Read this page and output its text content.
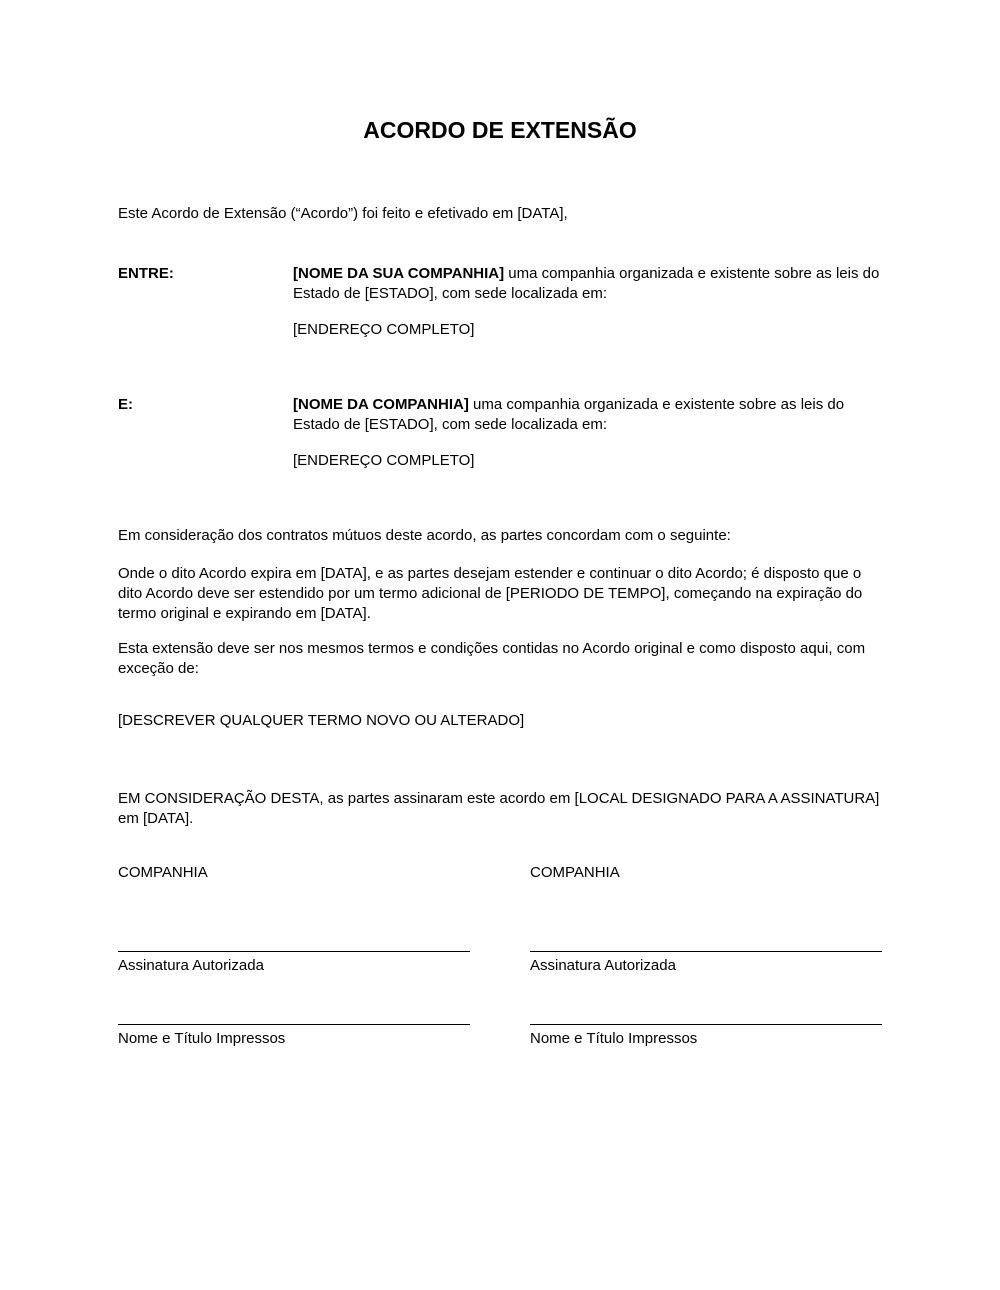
ACORDO DE EXTENSÃO

Este Acordo de Extensão (“Acordo”) foi feito e efetivado em [DATA],

ENTRE:	[NOME DA SUA COMPANHIA] uma companhia organizada e existente sobre as leis do Estado de [ESTADO], com sede localizada em:
[ENDEREÇO COMPLETO]
E:	[NOME DA COMPANHIA] uma companhia organizada e existente sobre as leis do Estado de [ESTADO], com sede localizada em:
[ENDEREÇO COMPLETO]

Em consideração dos contratos mútuos deste acordo, as partes concordam com o seguinte:

Onde o dito Acordo expira em [DATA], e as partes desejam estender e continuar o dito Acordo; é disposto que o dito Acordo deve ser estendido por um termo adicional de [PERIODO DE TEMPO], começando na expiração do termo original e expirando em [DATA].

Esta extensão deve ser nos mesmos termos e condições contidas no Acordo original e como disposto aqui, com exceção de:

[DESCREVER QUALQUER TERMO NOVO OU ALTERADO]

EM CONSIDERAÇÃO DESTA, as partes assinaram este acordo em [LOCAL DESIGNADO PARA A ASSINATURA] em [DATA].

COMPANHIA
Assinatura Autorizada
Nome e Título Impressos
COMPANHIA
Assinatura Autorizada
Nome e Título Impressos
